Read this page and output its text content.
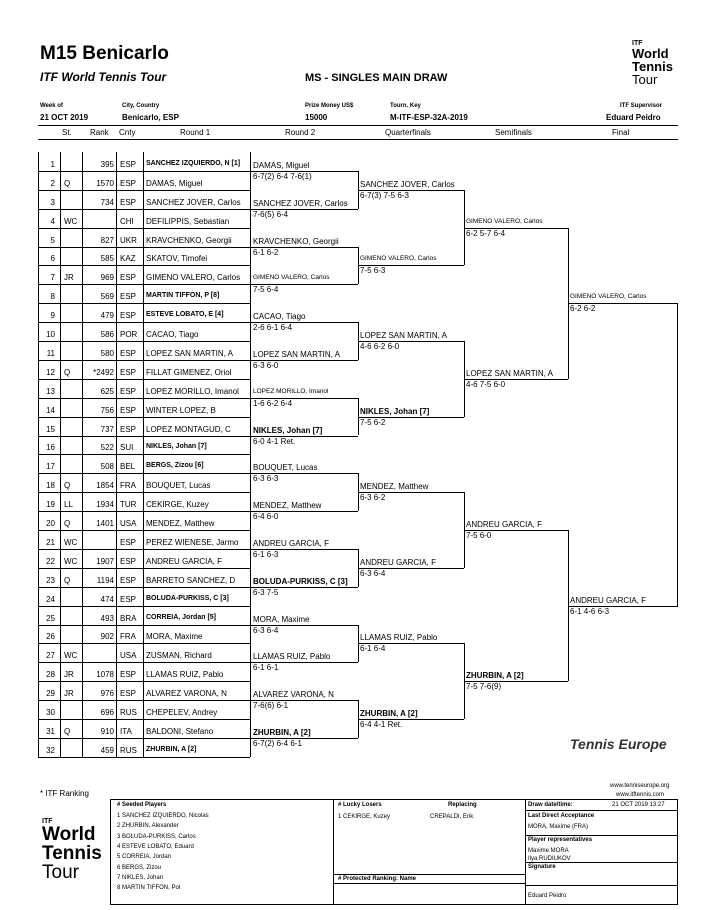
M15 Benicarlo
ITF World Tennis Tour	MS - SINGLES MAIN DRAW
ITF
World
Tennis
Tour
Week of
21 OCT 2019
City, Country
Benicarlo, ESP
Prize Money US$
15000
Tourn. Key
M-ITF-ESP-32A-2019
ITF Supervisor
Eduard Peidro
St. Rank Cnty	Round 1	Round 2	Quarterfinals	Semifinals	Final
1	395 ESP SANCHEZ IZQUIERDO, N [1]
2 Q	1570 ESP DAMAS, Miguel
3	734 ESP SANCHEZ JOVER, Carlos
4 WC	CHI DEFILIPPIS, Sebastian
5	827 UKR KRAVCHENKO, Georgii
6	585 KAZ SKATOV, Timofei
7 JR	969 ESP GIMENO VALERO, Carlos
8	569 ESP MARTIN TIFFON, P [8]
9	479 ESP ESTEVE LOBATO, E [4]
10	586 POR CACAO, Tiago
11	580 ESP LOPEZ SAN MARTIN, A
12 Q	*2492 ESP FILLAT GIMENEZ, Oriol
13	625 ESP LOPEZ MORILLO, Imanol
14	756 ESP WINTER LOPEZ, B
15	737 ESP LOPEZ MONTAGUD, C
16	522 SUI NIKLES, Johan [7]
17	508 BEL BERGS, Zizou [6]
18 Q	1854 FRA BOUQUET, Lucas
19 LL	1934 TUR CEKIRGE, Kuzey
20 Q	1401 USA MENDEZ, Matthew
21 WC	ESP PEREZ WIENESE, Jarmo
22 WC	1907 ESP ANDREU GARCIA, F
23 Q	1194 ESP BARRETO SANCHEZ, D
24	474 ESP BOLUDA-PURKISS, C [3]
25	493 BRA CORREIA, Jordan [5]
26	902 FRA MORA, Maxime
27 WC	USA ZUSMAN, Richard
28 JR	1078 ESP LLAMAS RUIZ, Pablo
29 JR	976 ESP ALVAREZ VARONA, N
30	696 RUS CHEPELEV, Andrey
31 Q	910 ITA BALDONI, Stefano
32	459 RUS ZHURBIN, A [2]
DAMAS, Miguel
6-7(2) 6-4 7-6(1)
SANCHEZ JOVER, Carlos
7-6(5) 6-4
KRAVCHENKO, Georgii
6-1 6-2
GIMENO VALERO, Carlos
7-5 6-4
CACAO, Tiago
2-6 6-1 6-4
LOPEZ SAN MARTIN, A
6-3 6-0
LOPEZ MORILLO, Imanol
1-6 6-2 6-4
NIKLES, Johan [7]
6-0 4-1 Ret.
BOUQUET, Lucas
6-3 6-3
MENDEZ, Matthew
6-4 6-0
ANDREU GARCIA, F
6-1 6-3
BOLUDA-PURKISS, C [3]
6-3 7-5
MORA, Maxime
6-3 6-4
LLAMAS RUIZ, Pablo
6-1 6-1
ALVAREZ VARONA, N
7-6(6) 6-1
ZHURBIN, A [2]
6-7(2) 6-4 6-1
SANCHEZ JOVER, Carlos
6-7(3) 7-5 6-3
GIMENO VALERO, Carlos
7-5 6-3
LOPEZ SAN MARTIN, A
4-6 6-2 6-0
NIKLES, Johan [7]
7-5 6-2
MENDEZ, Matthew
6-3 6-2
ANDREU GARCIA, F
6-3 6-4
LLAMAS RUIZ, Pablo
6-1 6-4
ZHURBIN, A [2]
6-4 4-1 Ret.
GIMENO VALERO, Carlos
6-2 5-7 6-4
LOPEZ SAN MARTIN, A
4-6 7-5 6-0
ANDREU GARCIA, F
7-5 6-0
ZHURBIN, A [2]
7-5 7-6(9)
GIMENO VALERO, Carlos
6-2 6-2
ANDREU GARCIA, F
6-1 4-6 6-3
Tennis Europe
www.tenniseurope.org
www.itftennis.com
* ITF Ranking
ITF
World
Tennis
Tour
# Seeded Players
1 SANCHEZ IZQUIERDO, Nicolas
2 ZHURBIN, Alexander
3 BOLUDA-PURKISS, Carlos
4 ESTEVE LOBATO, Eduard
5 CORREIA, Jordan
6 BERGS, Zizou
7 NIKLES, Johan
8 MARTIN TIFFON, Pol
# Lucky Losers	Replacing
1 CEKIRGE, Kuzey	CREPALDI, Erik
# Protected Ranking: Name
Draw date/time:	21 OCT 2019 13:27
Last Direct Acceptance
MORA, Maxime (FRA)
Player representatives
Maxime MORA
Ilya RUDIUKOV
Signature
Eduard Peidro
